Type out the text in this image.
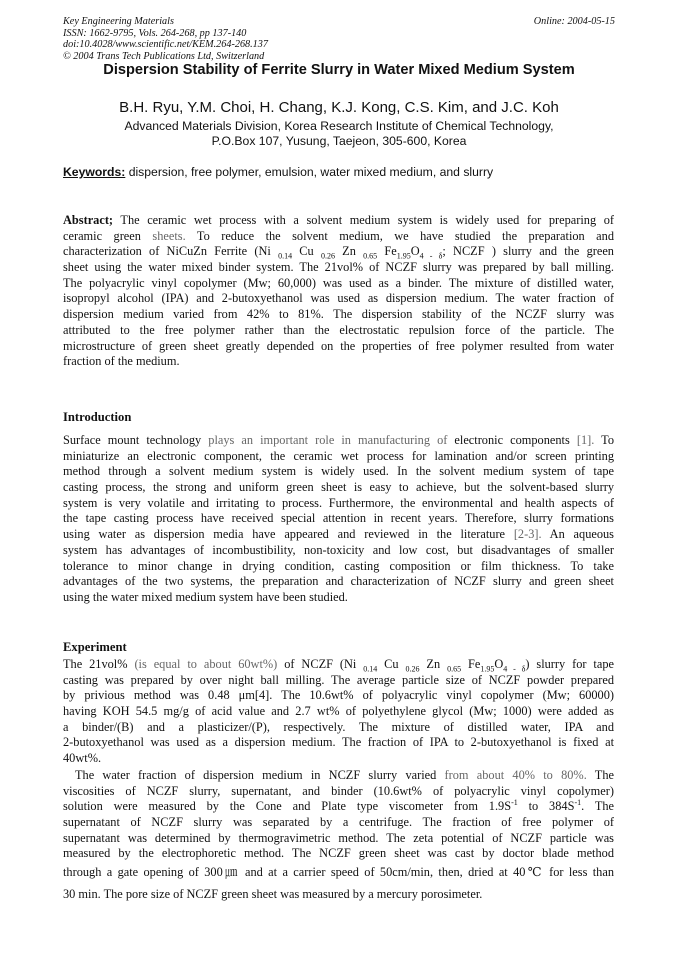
Key Engineering Materials
ISSN: 1662-9795, Vols. 264-268, pp 137-140
doi:10.4028/www.scientific.net/KEM.264-268.137
© 2004 Trans Tech Publications Ltd, Switzerland
Online: 2004-05-15
Dispersion Stability of Ferrite Slurry in Water Mixed Medium System
B.H. Ryu, Y.M. Choi, H. Chang, K.J. Kong, C.S. Kim, and J.C. Koh
Advanced Materials Division, Korea Research Institute of Chemical Technology,
P.O.Box 107, Yusung, Taejeon, 305-600, Korea
Keywords: dispersion, free polymer, emulsion, water mixed medium, and slurry
Abstract; The ceramic wet process with a solvent medium system is widely used for preparing of
ceramic green sheets. To reduce the solvent medium, we have studied the preparation and
characterization of NiCuZn Ferrite (Ni $_{0.14}$ Cu $_{0.26}$ Zn $_{0.65}$ $Fe_{1.95}O_{4 - \delta}$; NCZF ) slurry and the green
sheet using the water mixed binder system. The 21vol% of NCZF slurry was prepared by ball milling.
The polyacrylic vinyl copolymer (Mw; 60,000) was used as a binder. The mixture of distilled water,
isopropyl alcohol (IPA) and 2-butoxyethanol was used as dispersion medium. The water fraction of
dispersion medium varied from 42% to 81%. The dispersion stability of the NCZF slurry was
attributed to the free polymer rather than the electrostatic repulsion force of the particle. The
microstructure of green sheet greatly depended on the properties of free polymer resulted from water
fraction of the medium.
Introduction
Surface mount technology plays an important role in manufacturing of electronic components [1]. To
miniaturize an electronic component, the ceramic wet process for lamination and/or screen printing
method through a solvent medium system is widely used. In the solvent medium system of tape
casting process, the strong and uniform green sheet is easy to achieve, but the solvent-based slurry
system is very volatile and irritating to process. Furthermore, the environmental and health aspects of
the tape casting process have received special attention in recent years. Therefore, slurry formations
using water as dispersion media have appeared and reviewed in the literature [2-3]. An aqueous
system has advantages of incombustibility, non-toxicity and low cost, but disadvantages of smaller
tolerance to minor change in drying condition, casting composition or film thickness. To take
advantages of the two systems, the preparation and characterization of NCZF slurry and green sheet
using the water mixed medium system have been studied.
Experiment
The 21vol% (is equal to about 60wt%) of NCZF (Ni $_{0.14}$ Cu $_{0.26}$ Zn $_{0.65}$ $Fe_{1.95}O_{4 - \delta}$) slurry for tape
casting was prepared by over night ball milling. The average particle size of NCZF powder prepared
by privious method was 0.48 μm[4]. The 10.6wt% of polyacrylic vinyl copolymer (Mw; 60000)
having KOH 54.5 mg/g of acid value and 2.7 wt% of polyethylene glycol (Mw; 1000) were added as
a binder/(B) and a plasticizer/(P), respectively. The mixture of distilled water, IPA and
2-butoxyethanol was used as a dispersion medium. The fraction of IPA to 2-butoxyethanol is fixed at
40wt%.
The water fraction of dispersion medium in NCZF slurry varied from about 40% to 80%. The
viscosities of NCZF slurry, supernatant, and binder (10.6wt% of polyacrylic vinyl copolymer)
solution were measured by the Cone and Plate type viscometer from $1.9S^{-1}$ to $384S^{-1}$. The
supernatant of NCZF slurry was separated by a centrifuge. The fraction of free polymer of
supernatant was determined by thermogravimetric method. The zeta potential of NCZF particle was
measured by the electrophoretic method. The NCZF green sheet was cast by doctor blade method
through a gate opening of 300㎛ and at a carrier speed of 50cm/min, then, dried at 40℃ for less than
30 min. The pore size of NCZF green sheet was measured by a mercury porosimeter.
